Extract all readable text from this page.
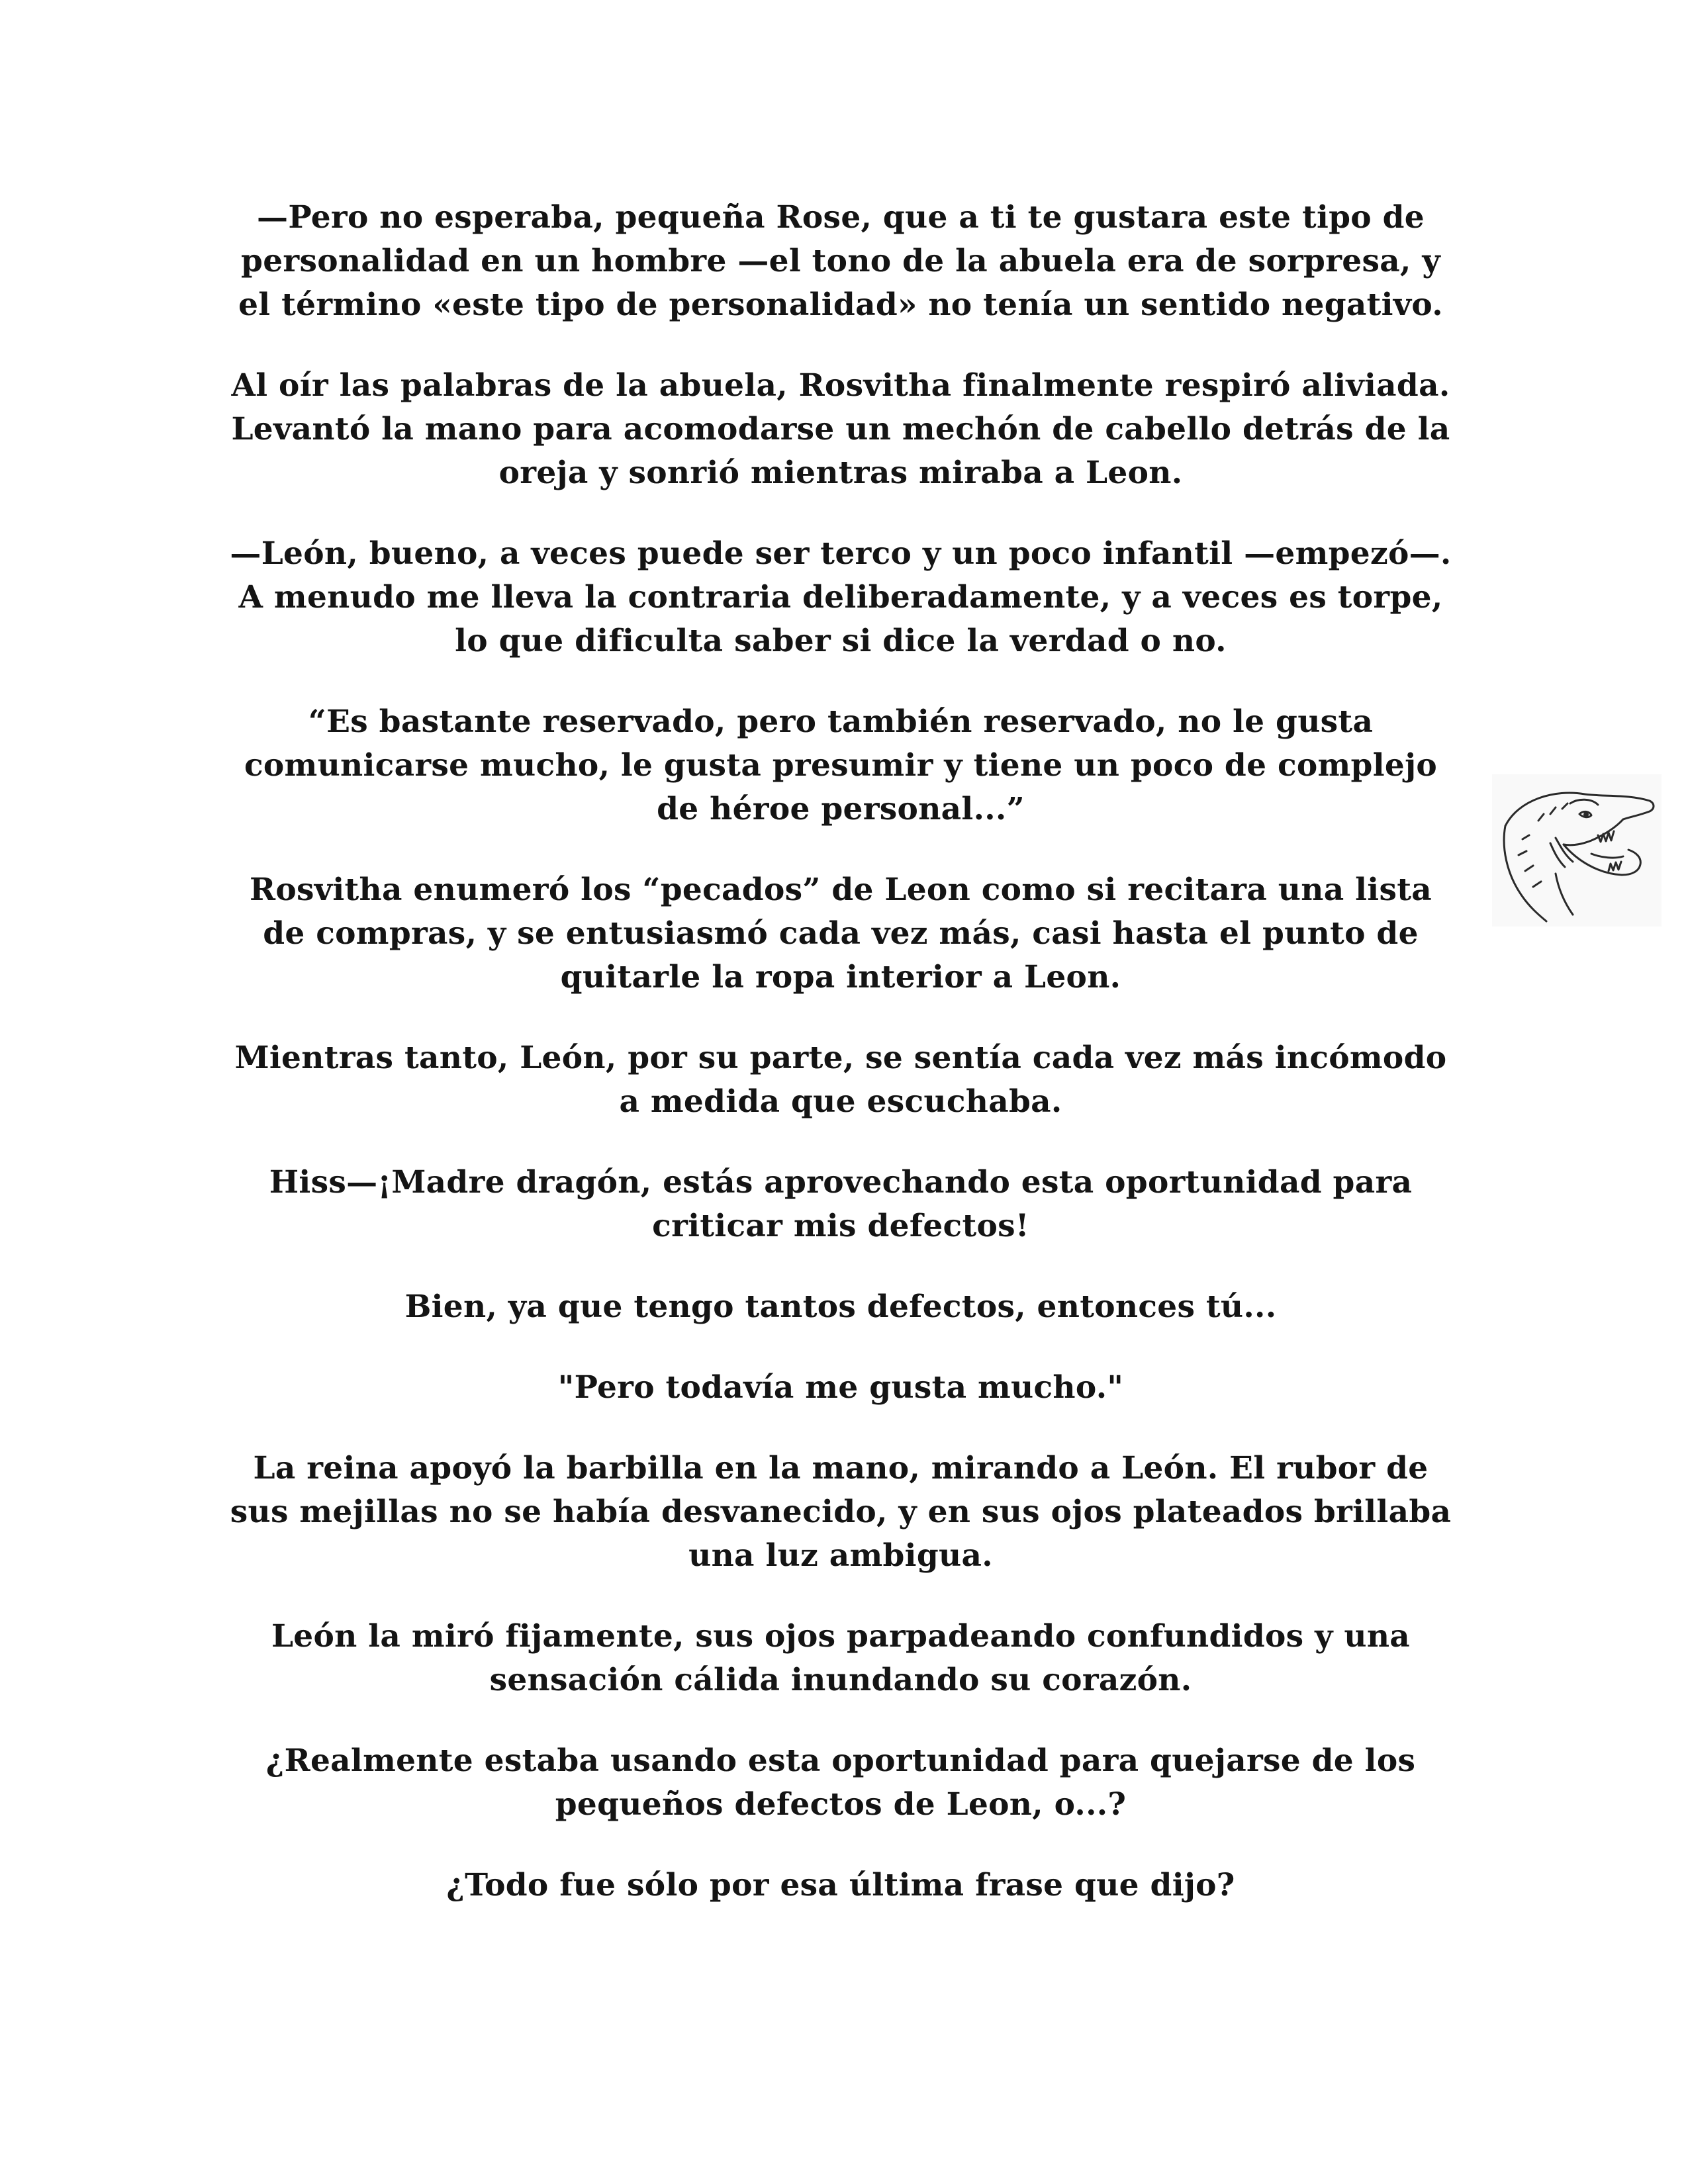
—Pero no esperaba, pequeña Rose, que a ti te gustara este tipo de personalidad en un hombre —el tono de la abuela era de sorpresa, y el término «este tipo de personalidad» no tenía un sentido negativo.

Al oír las palabras de la abuela, Rosvitha finalmente respiró aliviada. Levantó la mano para acomodarse un mechón de cabello detrás de la oreja y sonrió mientras miraba a Leon.

—León, bueno, a veces puede ser terco y un poco infantil —empezó—. A menudo me lleva la contraria deliberadamente, y a veces es torpe, lo que dificulta saber si dice la verdad o no.

“Es bastante reservado, pero también reservado, no le gusta comunicarse mucho, le gusta presumir y tiene un poco de complejo de héroe personal...”

Rosvitha enumeró los “pecados” de Leon como si recitara una lista de compras, y se entusiasmó cada vez más, casi hasta el punto de quitarle la ropa interior a Leon.

Mientras tanto, León, por su parte, se sentía cada vez más incómodo a medida que escuchaba.

Hiss—¡Madre dragón, estás aprovechando esta oportunidad para criticar mis defectos!

Bien, ya que tengo tantos defectos, entonces tú...

"Pero todavía me gusta mucho."

La reina apoyó la barbilla en la mano, mirando a León. El rubor de sus mejillas no se había desvanecido, y en sus ojos plateados brillaba una luz ambigua.

León la miró fijamente, sus ojos parpadeando confundidos y una sensación cálida inundando su corazón.

¿Realmente estaba usando esta oportunidad para quejarse de los pequeños defectos de Leon, o...?

¿Todo fue sólo por esa última frase que dijo?
